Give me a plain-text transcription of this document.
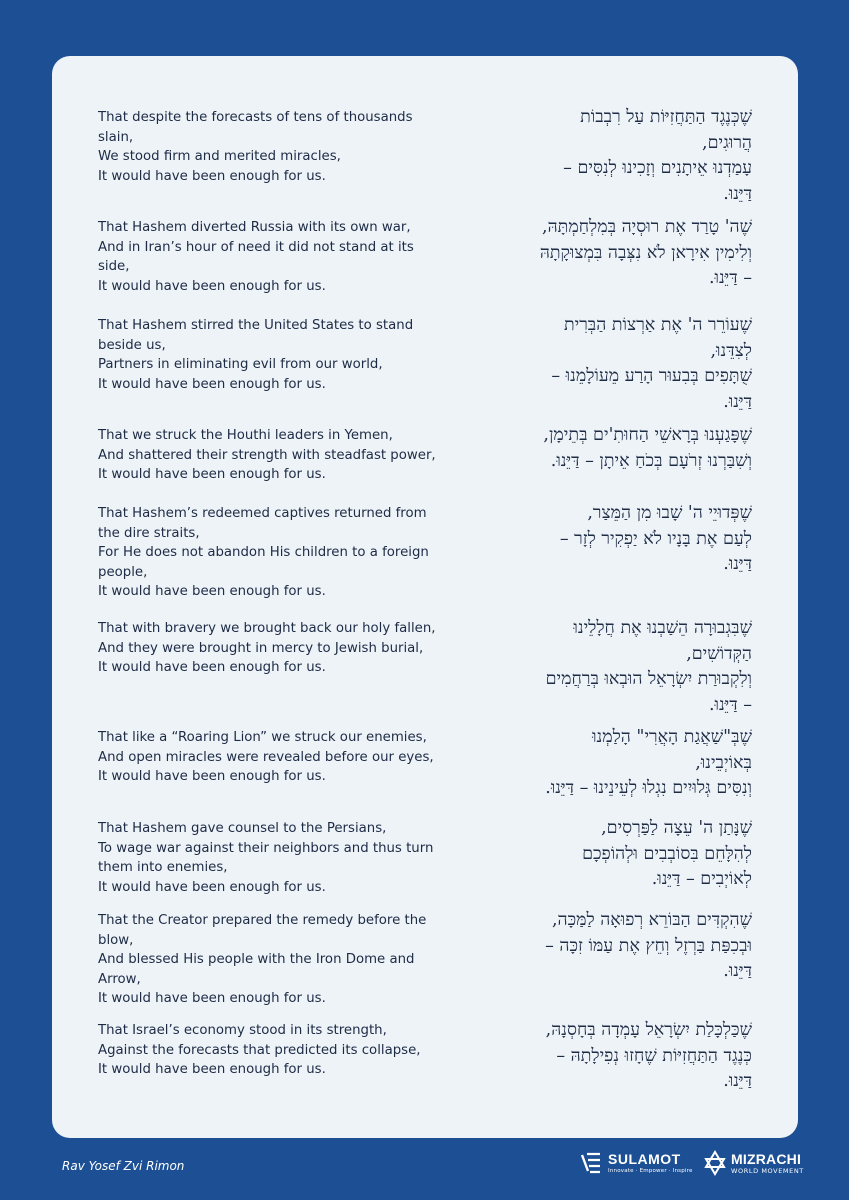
That despite the forecasts of tens of thousands
slain,
We stood firm and merited miracles,
It would have been enough for us.
שֶׁכְּנֶגֶד הַתַּחֲזִיּוֹת עַל רִבְבוֹת
הֲרוּגִים,
עָמַדְנוּ אֵיתָנִים וְזָכִינוּ לְנִסִּים –
דַּיֵּנוּ.
That Hashem diverted Russia with its own war,
And in Iran’s hour of need it did not stand at its
side,
It would have been enough for us.
שֶׁה' טָרַד אֶת רוּסְיָה בְּמִלְחַמְתָּהּ,
וְלִימִין אִירָאן לֹא נִצְּבָה בִּמְצוּקָתָהּ
– דַּיֵּנוּ.
That Hashem stirred the United States to stand
beside us,
Partners in eliminating evil from our world,
It would have been enough for us.
שֶׁעוֹרֵר ה' אֶת אַרְצוֹת הַבְּרִית
לְצִדֵּנוּ,
שֻׁתָּפִים בְּבִעוּר הָרַע מֵעוֹלָמֵנוּ –
דַּיֵּנוּ.
That we struck the Houthi leaders in Yemen,
And shattered their strength with steadfast power,
It would have been enough for us.
שֶׁפָּגַעְנוּ בְּרָאשֵׁי הַחוּתִ'ים בְּתֵימָן,
וְשִׁבַּרְנוּ זְרֹעָם בְּכֹחַ אֵיתָן – דַּיֵּנוּ.
That Hashem’s redeemed captives returned from
the dire straits,
For He does not abandon His children to a foreign
people,
It would have been enough for us.
שֶׁפְּדוּיֵי ה' שָׁבוּ מִן הַמֵּצַר,
לְעַם אֶת בָּנָיו לֹא יַפְקִיר לְזָר –
דַּיֵּנוּ.
That with bravery we brought back our holy fallen,
And they were brought in mercy to Jewish burial,
It would have been enough for us.
שֶׁבִּגְבוּרָה הֵשַׁבְנוּ אֶת חֲלָלֵינוּ
הַקְּדוֹשִׁים,
וְלִקְבוּרַת יִשְׂרָאֵל הוּבְאוּ בְּרַחֲמִים
– דַּיֵּנוּ.
That like a “Roaring Lion” we struck our enemies,
And open miracles were revealed before our eyes,
It would have been enough for us.
שֶׁבְּ"שַׁאֲגַת הָאֲרִי" הָלַמְנוּ
בְּאוֹיְבֵינוּ,
וְנִסִּים גְּלוּיִים נִגְלוּ לְעֵינֵינוּ – דַּיֵּנוּ.
That Hashem gave counsel to the Persians,
To wage war against their neighbors and thus turn
them into enemies,
It would have been enough for us.
שֶׁנָּתַן ה' עֵצָה לַפַּרְסִים,
לְהִלָּחֵם בִּסוֹבְבִים וּלְהוֹפְכָם
לְאוֹיְבִים – דַּיֵּנוּ.
That the Creator prepared the remedy before the
blow,
And blessed His people with the Iron Dome and
Arrow,
It would have been enough for us.
שֶׁהִקְדִּים הַבּוֹרֵא רְפוּאָה לַמַּכָּה,
וּבְכִפַּת בַּרְזֶל וְחֵץ אֶת עַמּוֹ זִכָּה –
דַּיֵּנוּ.
That Israel’s economy stood in its strength,
Against the forecasts that predicted its collapse,
It would have been enough for us.
שֶׁכַּלְכָּלַת יִשְׂרָאֵל עָמְדָה בְּחָסְנָהּ,
כְּנֶגֶד הַתַּחֲזִיּוֹת שֶׁחָזוּ נְפִילָתָהּ –
דַּיֵּנוּ.
Rav Yosef Zvi Rimon	SULAMOT
Innovate · Empower · Inspire
MIZRACHI
WORLD MOVEMENT
